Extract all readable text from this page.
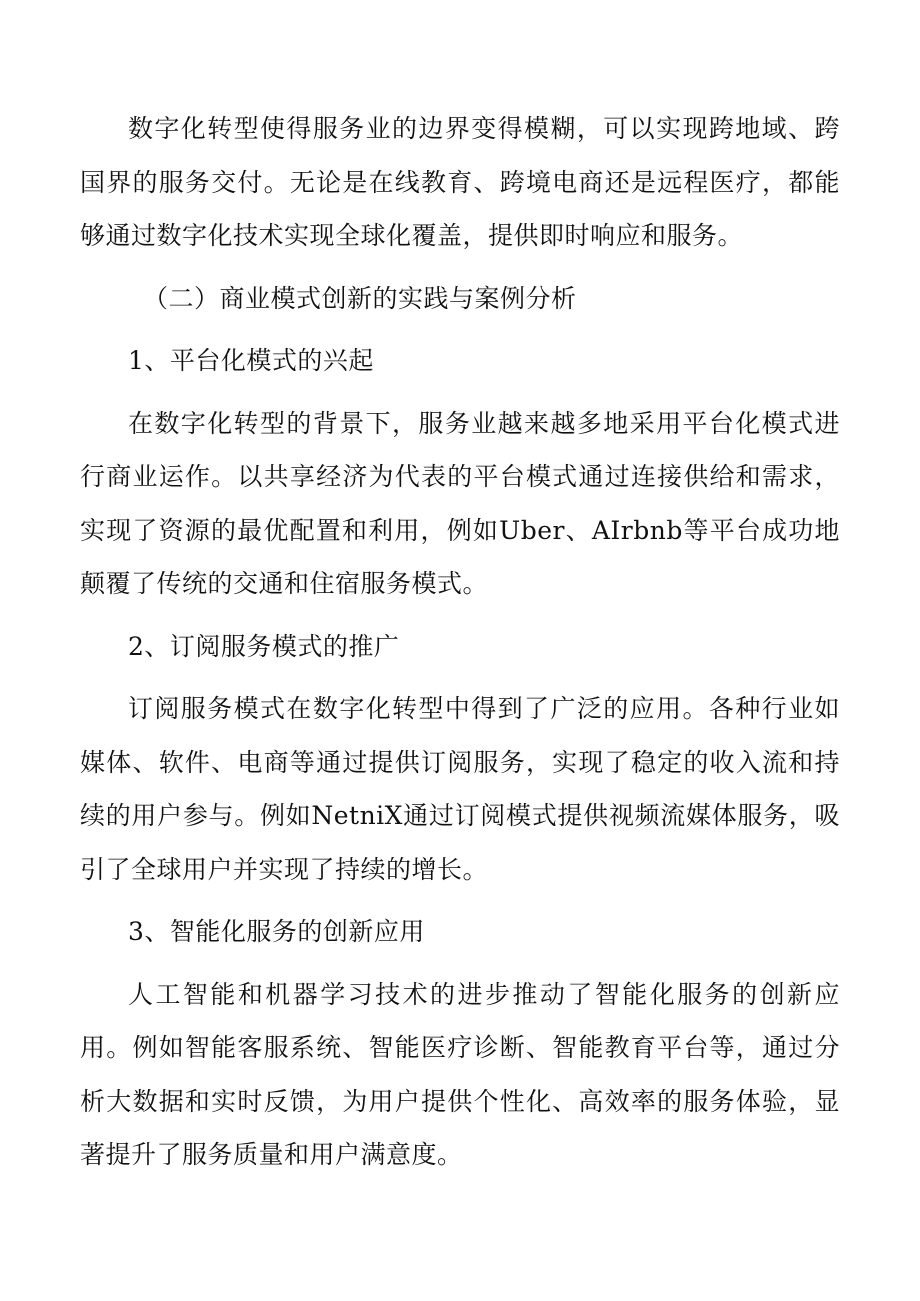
数字化转型使得服务业的边界变得模糊，可以实现跨地域、跨国界的服务交付。无论是在线教育、跨境电商还是远程医疗，都能够通过数字化技术实现全球化覆盖，提供即时响应和服务。

（二）商业模式创新的实践与案例分析

1、平台化模式的兴起

在数字化转型的背景下，服务业越来越多地采用平台化模式进行商业运作。以共享经济为代表的平台模式通过连接供给和需求，实现了资源的最优配置和利用，例如Uber、AIrbnb等平台成功地颠覆了传统的交通和住宿服务模式。

2、订阅服务模式的推广

订阅服务模式在数字化转型中得到了广泛的应用。各种行业如媒体、软件、电商等通过提供订阅服务，实现了稳定的收入流和持续的用户参与。例如NetniX通过订阅模式提供视频流媒体服务，吸引了全球用户并实现了持续的增长。

3、智能化服务的创新应用

人工智能和机器学习技术的进步推动了智能化服务的创新应用。例如智能客服系统、智能医疗诊断、智能教育平台等，通过分析大数据和实时反馈，为用户提供个性化、高效率的服务体验，显著提升了服务质量和用户满意度。
